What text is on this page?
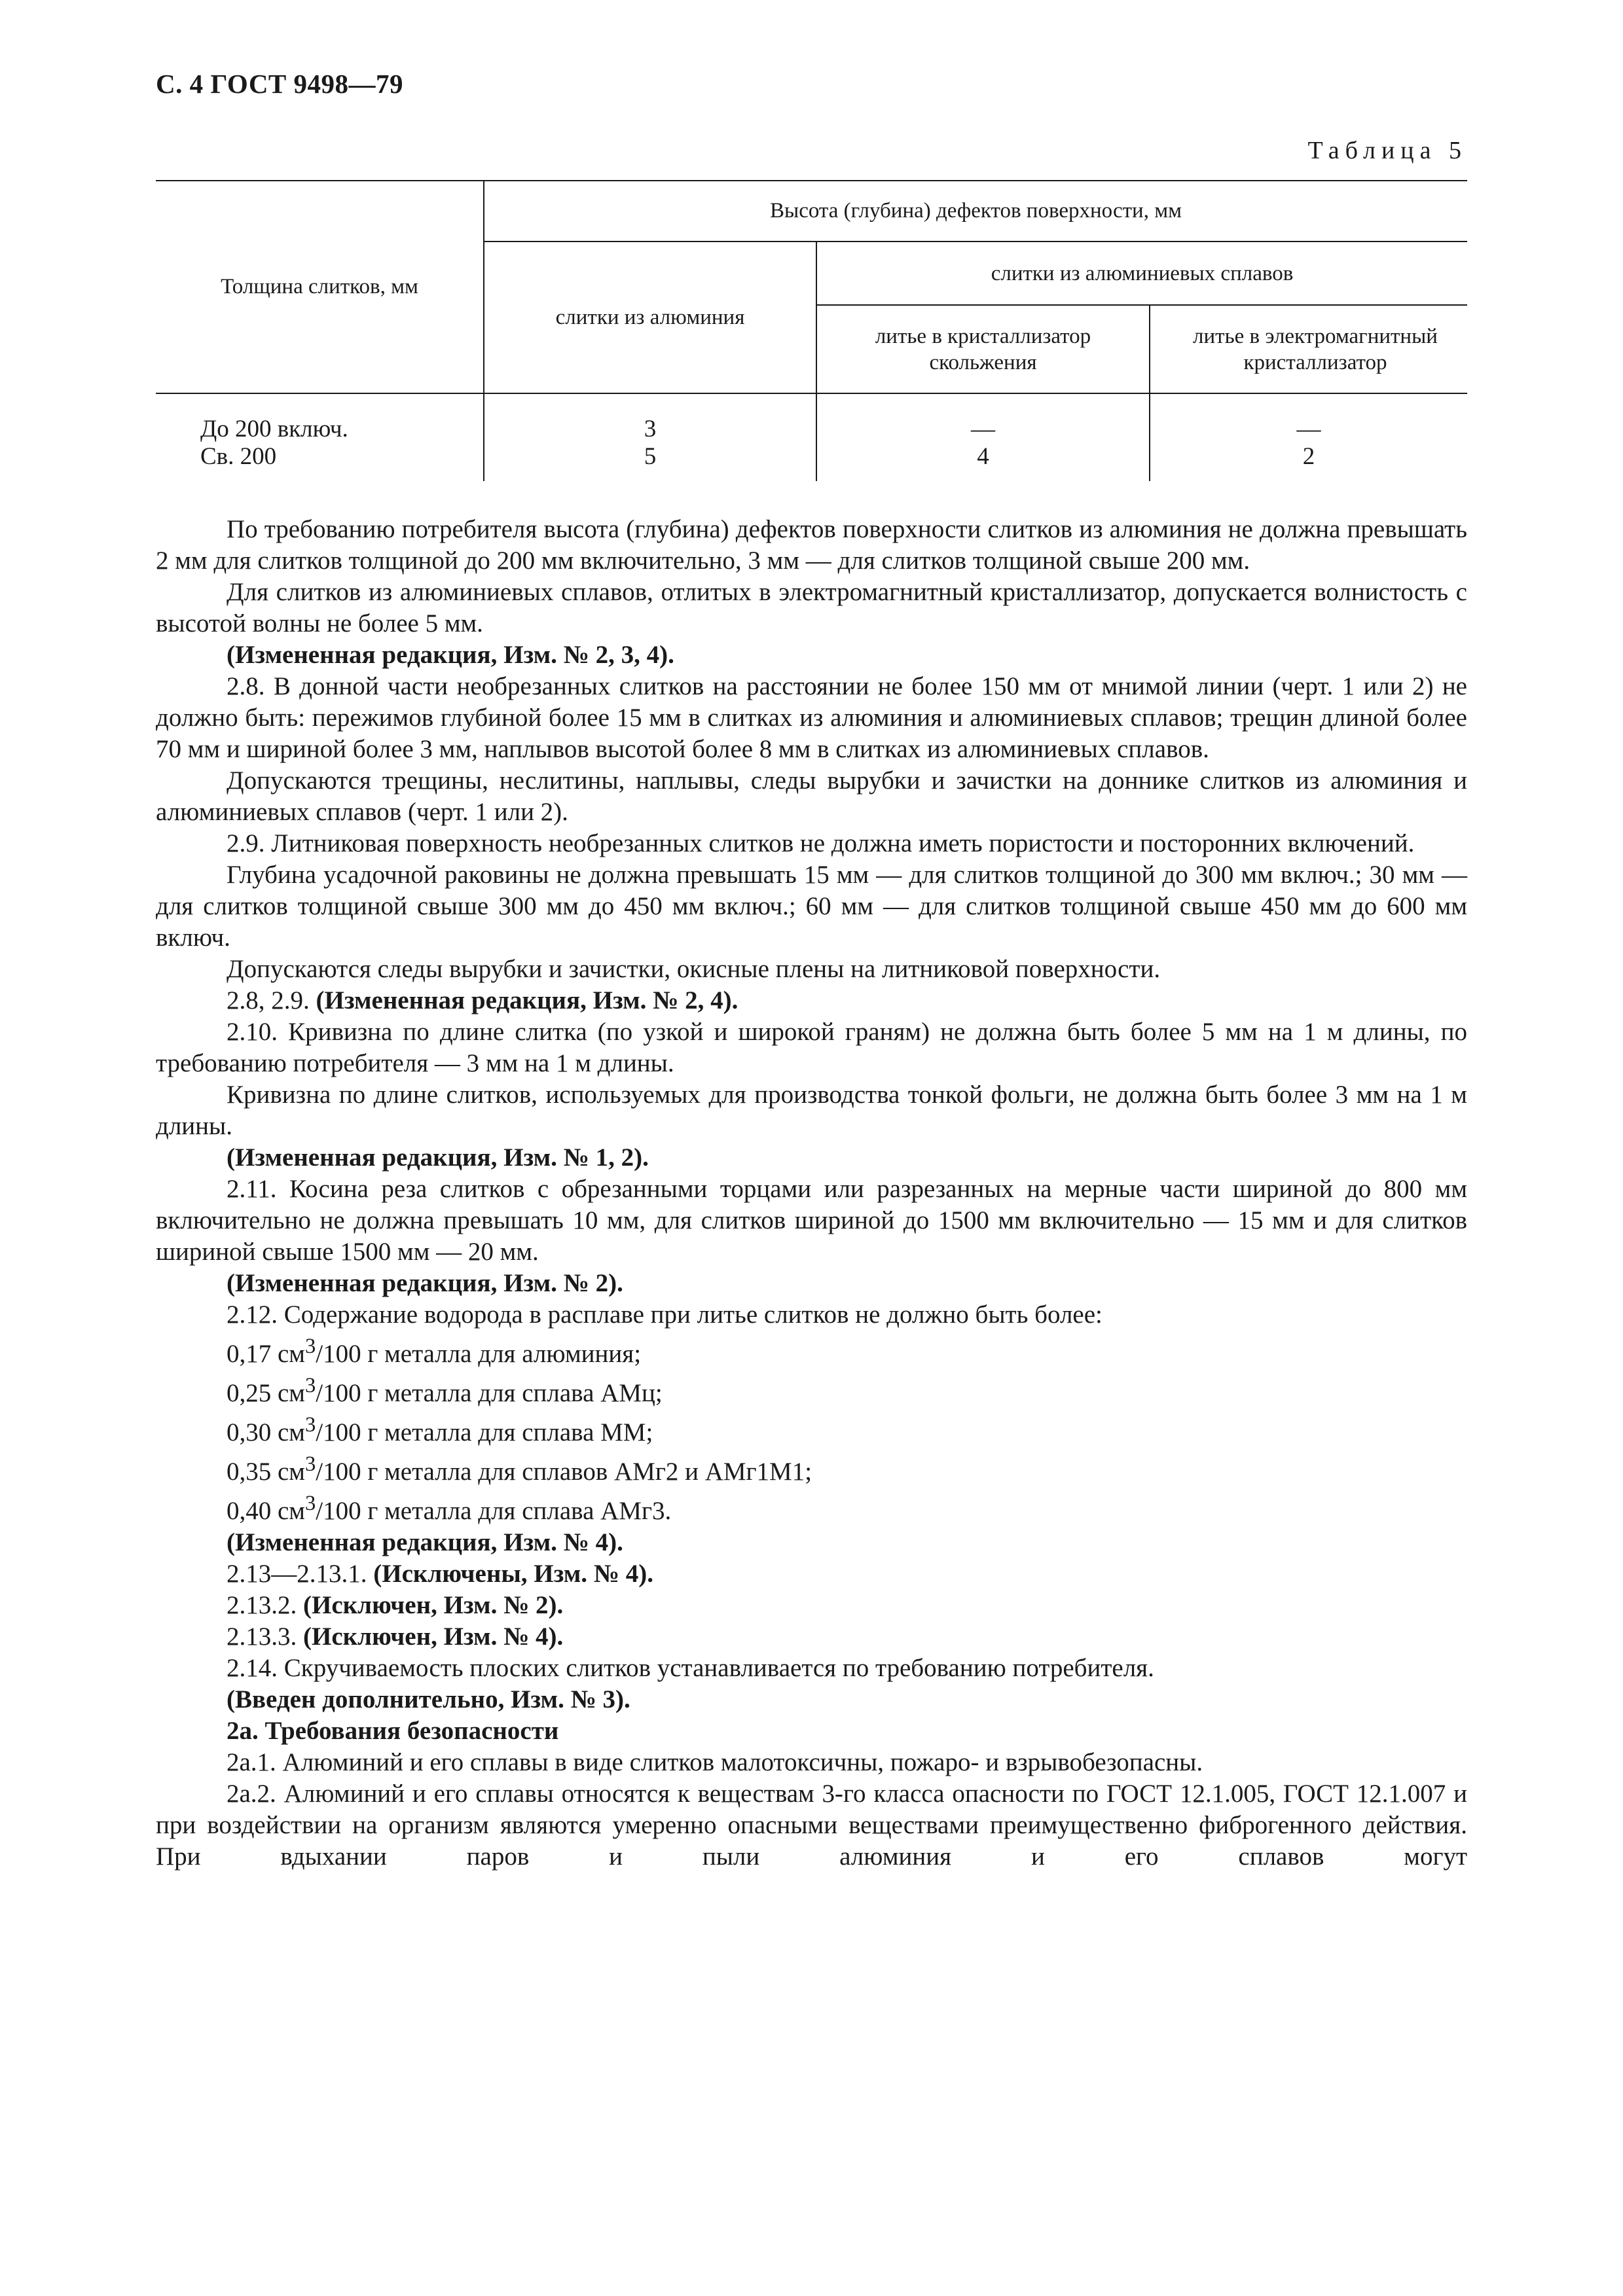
С. 4 ГОСТ 9498—79
Таблица 5
Толщина слитков, мм
Высота (глубина) дефектов поверхности, мм
слитки из алюминия
слитки из алюминиевых сплавов
литье в кристаллизатор скольжения
литье в электромагнитный кристаллизатор
До 200 включ.	3	—	—
Св. 200	5	4	2

По требованию потребителя высота (глубина) дефектов поверхности слитков из алюминия не должна превышать 2 мм для слитков толщиной до 200 мм включительно, 3 мм — для слитков толщиной свыше 200 мм.

Для слитков из алюминиевых сплавов, отлитых в электромагнитный кристаллизатор, допускается волнистость с высотой волны не более 5 мм.

(Измененная редакция, Изм. № 2, 3, 4).

2.8. В донной части необрезанных слитков на расстоянии не более 150 мм от мнимой линии (черт. 1 или 2) не должно быть: пережимов глубиной более 15 мм в слитках из алюминия и алюминиевых сплавов; трещин длиной более 70 мм и шириной более 3 мм, наплывов высотой более 8 мм в слитках из алюминиевых сплавов.

Допускаются трещины, неслитины, наплывы, следы вырубки и зачистки на доннике слитков из алюминия и алюминиевых сплавов (черт. 1 или 2).

2.9. Литниковая поверхность необрезанных слитков не должна иметь пористости и посторонних включений.

Глубина усадочной раковины не должна превышать 15 мм — для слитков толщиной до 300 мм включ.; 30 мм — для слитков толщиной свыше 300 мм до 450 мм включ.; 60 мм — для слитков толщиной свыше 450 мм до 600 мм включ.

Допускаются следы вырубки и зачистки, окисные плены на литниковой поверхности.

2.8, 2.9. (Измененная редакция, Изм. № 2, 4).

2.10. Кривизна по длине слитка (по узкой и широкой граням) не должна быть более 5 мм на 1 м длины, по требованию потребителя — 3 мм на 1 м длины.

Кривизна по длине слитков, используемых для производства тонкой фольги, не должна быть более 3 мм на 1 м длины.

(Измененная редакция, Изм. № 1, 2).

2.11. Косина реза слитков с обрезанными торцами или разрезанных на мерные части шириной до 800 мм включительно не должна превышать 10 мм, для слитков шириной до 1500 мм включительно — 15 мм и для слитков шириной свыше 1500 мм — 20 мм.

(Измененная редакция, Изм. № 2).

2.12. Содержание водорода в расплаве при литье слитков не должно быть более:

0,17 $см^3/100$ г металла для алюминия;

0,25 $см^3/100$ г металла для сплава АМц;

0,30 $см^3/100$ г металла для сплава ММ;

0,35 $см^3/100$ г металла для сплавов АМг2 и АМг1М1;

0,40 $см^3/100$ г металла для сплава АМг3.

(Измененная редакция, Изм. № 4).

2.13—2.13.1. (Исключены, Изм. № 4).

2.13.2. (Исключен, Изм. № 2).

2.13.3. (Исключен, Изм. № 4).

2.14. Скручиваемость плоских слитков устанавливается по требованию потребителя.

(Введен дополнительно, Изм. № 3).

2а. Требования безопасности

2а.1. Алюминий и его сплавы в виде слитков малотоксичны, пожаро- и взрывобезопасны.

2а.2. Алюминий и его сплавы относятся к веществам 3-го класса опасности по ГОСТ 12.1.005, ГОСТ 12.1.007 и при воздействии на организм являются умеренно опасными веществами преимущественно фиброгенного действия. При вдыхании паров и пыли алюминия и его сплавов могут
